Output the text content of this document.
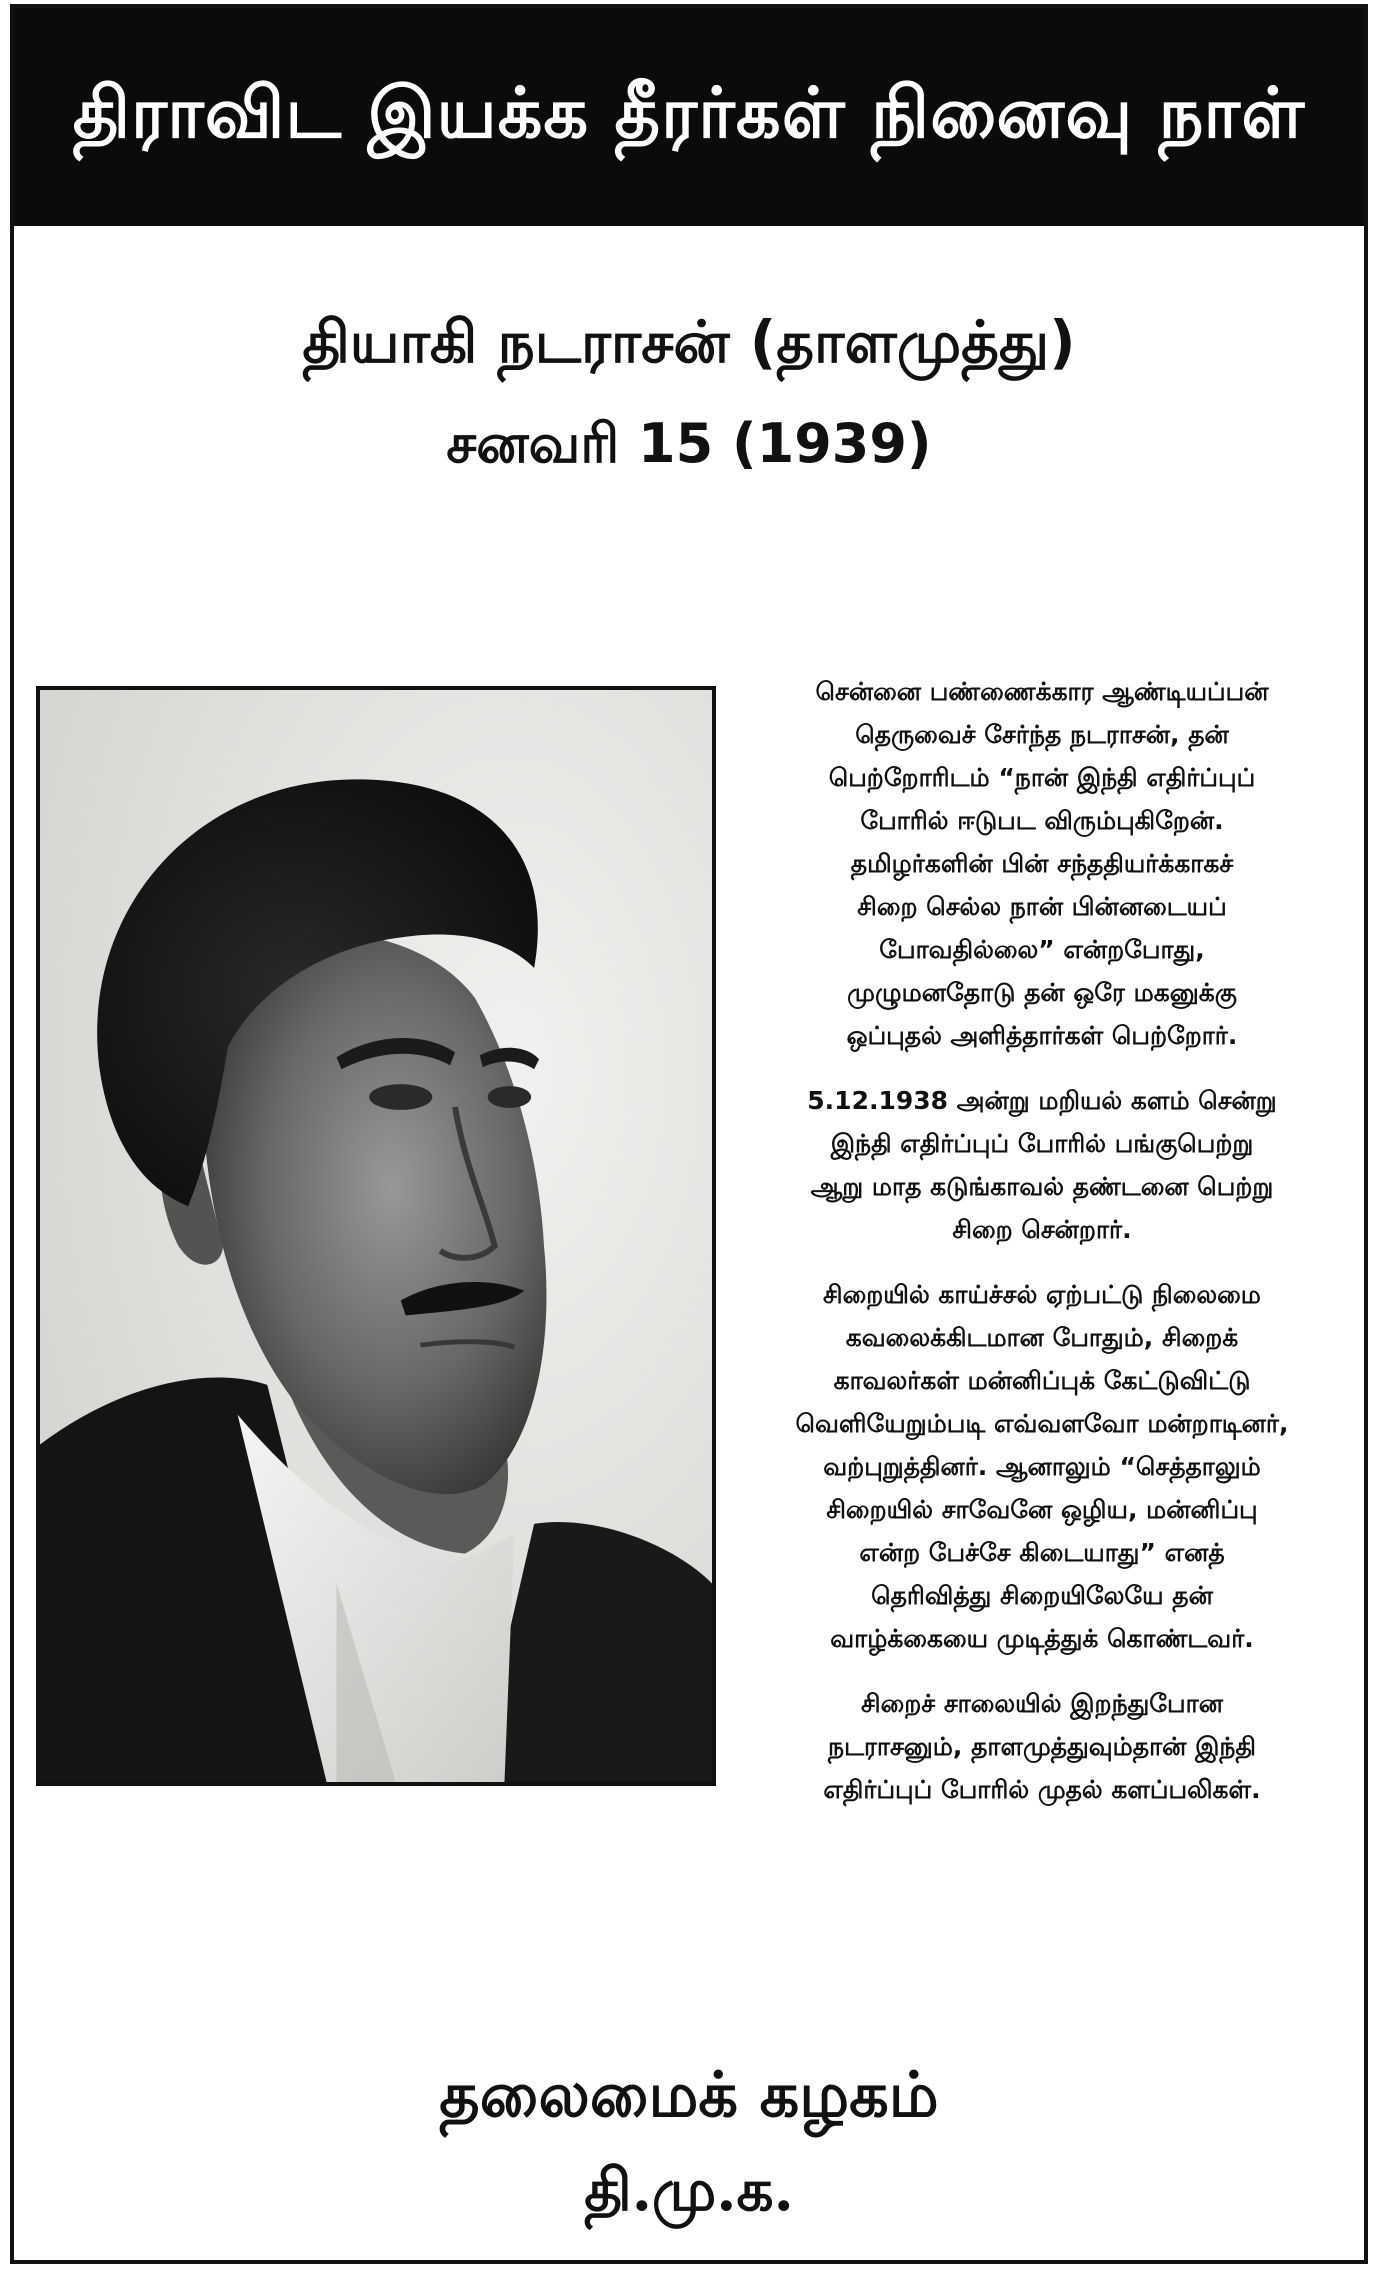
திராவிட இயக்க தீரர்கள் நினைவு நாள்
தியாகி நடராசன் (தாளமுத்து)
சனவரி 15 (1939)

சென்னை பண்ணைக்கார ஆண்டியப்பன்
தெருவைச் சேர்ந்த நடராசன், தன்
பெற்றோரிடம் “நான் இந்தி எதிர்ப்புப்
போரில் ஈடுபட விரும்புகிறேன்.
தமிழர்களின் பின் சந்ததியர்க்காகச்
சிறை செல்ல நான் பின்னடையப்
போவதில்லை” என்றபோது,
முழுமனதோடு தன் ஒரே மகனுக்கு
ஒப்புதல் அளித்தார்கள் பெற்றோர்.

5.12.1938 அன்று மறியல் களம் சென்று
இந்தி எதிர்ப்புப் போரில் பங்குபெற்று
ஆறு மாத கடுங்காவல் தண்டனை பெற்று
சிறை சென்றார்.

சிறையில் காய்ச்சல் ஏற்பட்டு நிலைமை
கவலைக்கிடமான போதும், சிறைக்
காவலர்கள் மன்னிப்புக் கேட்டுவிட்டு
வெளியேறும்படி எவ்வளவோ மன்றாடினர்,
வற்புறுத்தினர். ஆனாலும் “செத்தாலும்
சிறையில் சாவேனே ஒழிய, மன்னிப்பு
என்ற பேச்சே கிடையாது” எனத்
தெரிவித்து சிறையிலேயே தன்
வாழ்க்கையை முடித்துக் கொண்டவர்.

சிறைச் சாலையில் இறந்துபோன
நடராசனும், தாளமுத்துவும்தான் இந்தி
எதிர்ப்புப் போரில் முதல் களப்பலிகள்.

தலைமைக் கழகம்
தி.மு.க.
